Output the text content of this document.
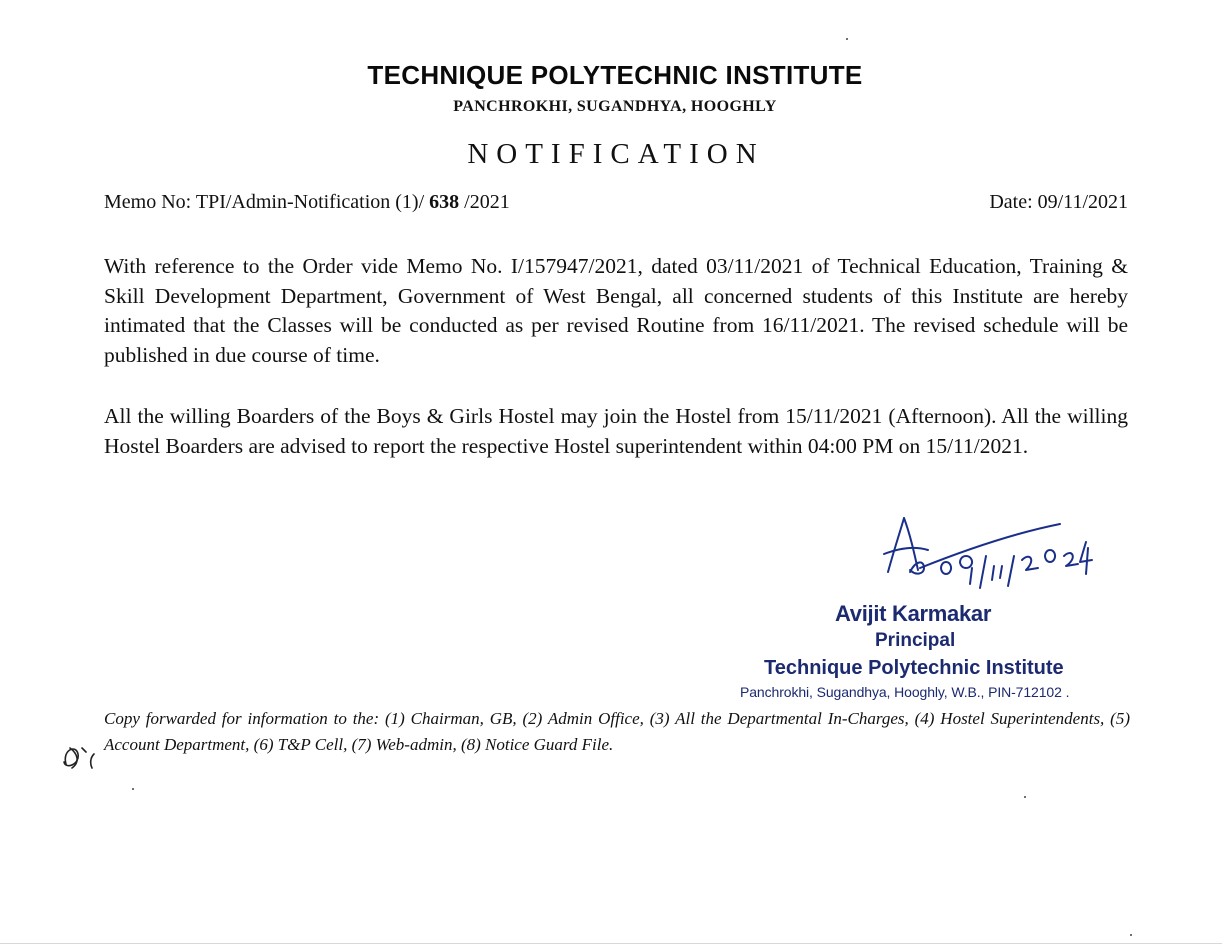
TECHNIQUE POLYTECHNIC INSTITUTE
PANCHROKHI, SUGANDHYA, HOOGHLY
NOTIFICATION
Memo No: TPI/Admin-Notification (1)/ 638 /2021	Date: 09/11/2021
With reference to the Order vide Memo No. I/157947/2021, dated 03/11/2021 of Technical Education, Training & Skill Development Department, Government of West Bengal, all concerned students of this Institute are hereby intimated that the Classes will be conducted as per revised Routine from 16/11/2021. The revised schedule will be published in due course of time.
All the willing Boarders of the Boys & Girls Hostel may join the Hostel from 15/11/2021 (Afternoon). All the willing Hostel Boarders are advised to report the respective Hostel superintendent within 04:00 PM on 15/11/2021.
Avijit Karmakar
Principal
Technique Polytechnic Institute
Panchrokhi, Sugandhya, Hooghly, W.B., PIN-712102 .
Copy forwarded for information to the: (1) Chairman, GB, (2) Admin Office, (3) All the Departmental In-Charges, (4) Hostel Superintendents, (5) Account Department, (6) T&P Cell, (7) Web-admin, (8) Notice Guard File.
